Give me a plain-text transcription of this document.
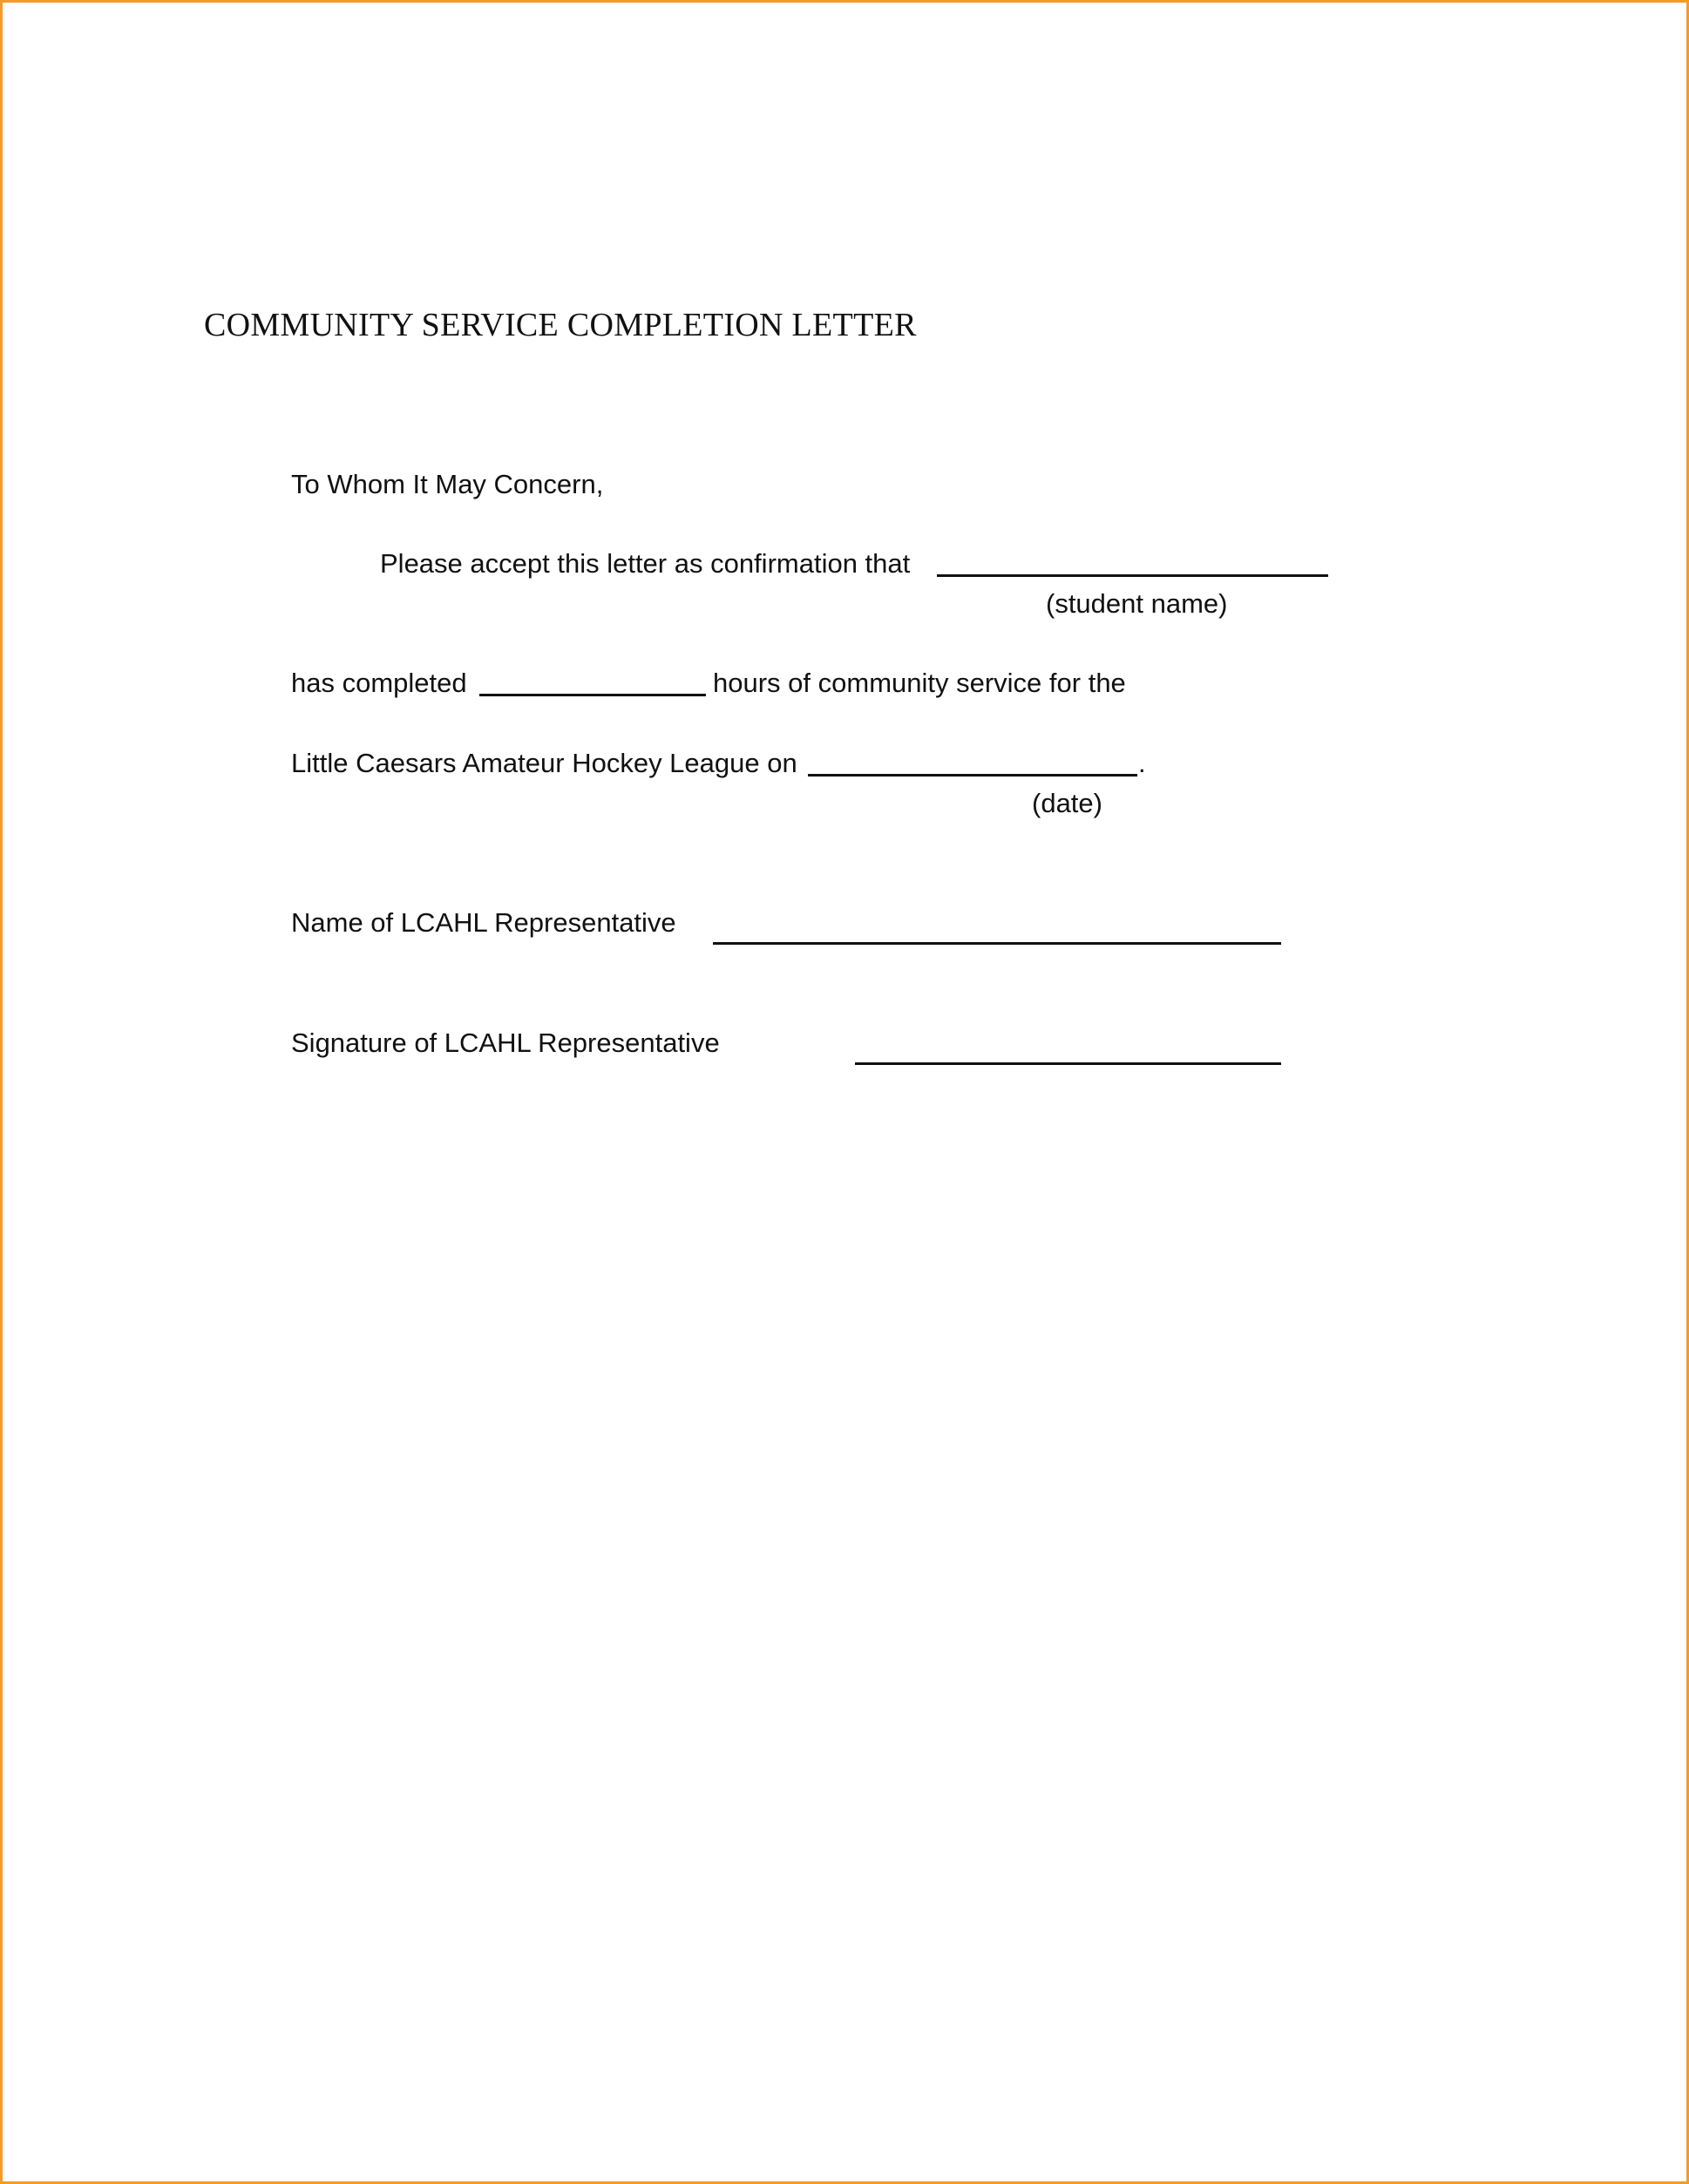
COMMUNITY SERVICE COMPLETION LETTER
To Whom It May Concern,
Please accept this letter as confirmation that
(student name)
has completed	hours of community service for the
Little Caesars Amateur Hockey League on	.
(date)
Name of LCAHL Representative
Signature of LCAHL Representative
